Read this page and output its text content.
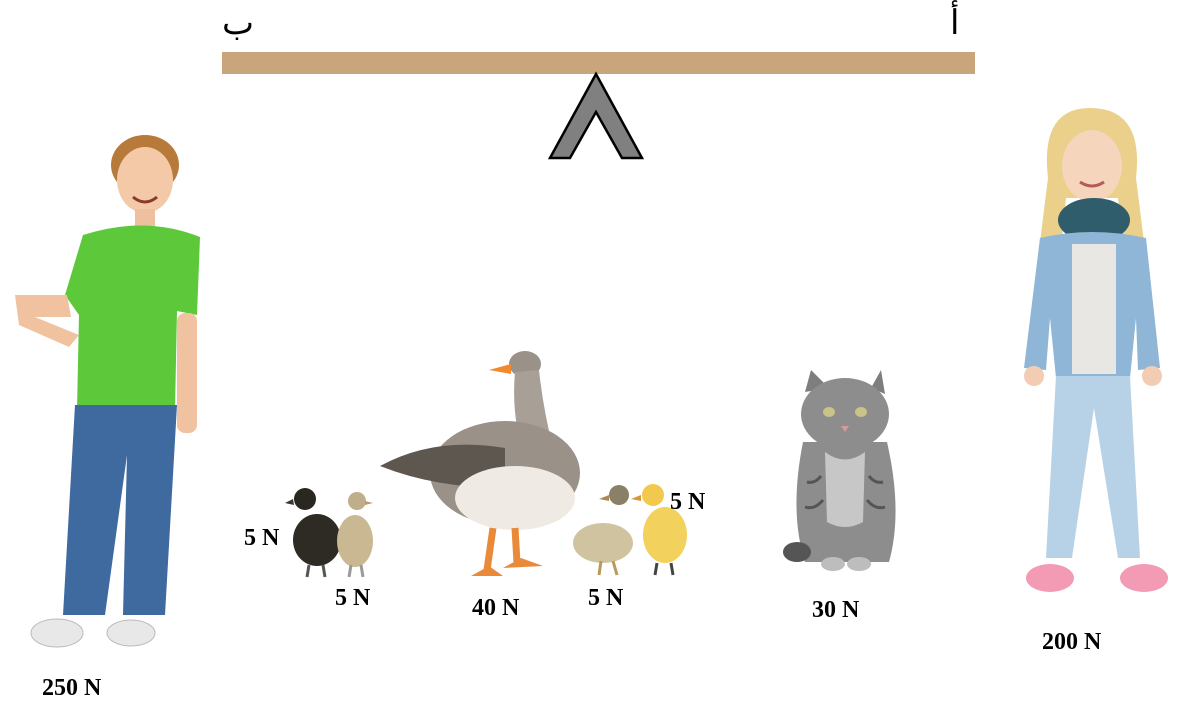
ب	أ
250 N
5 N
5 N	40 N	5 N
5 N
30 N
200 N
